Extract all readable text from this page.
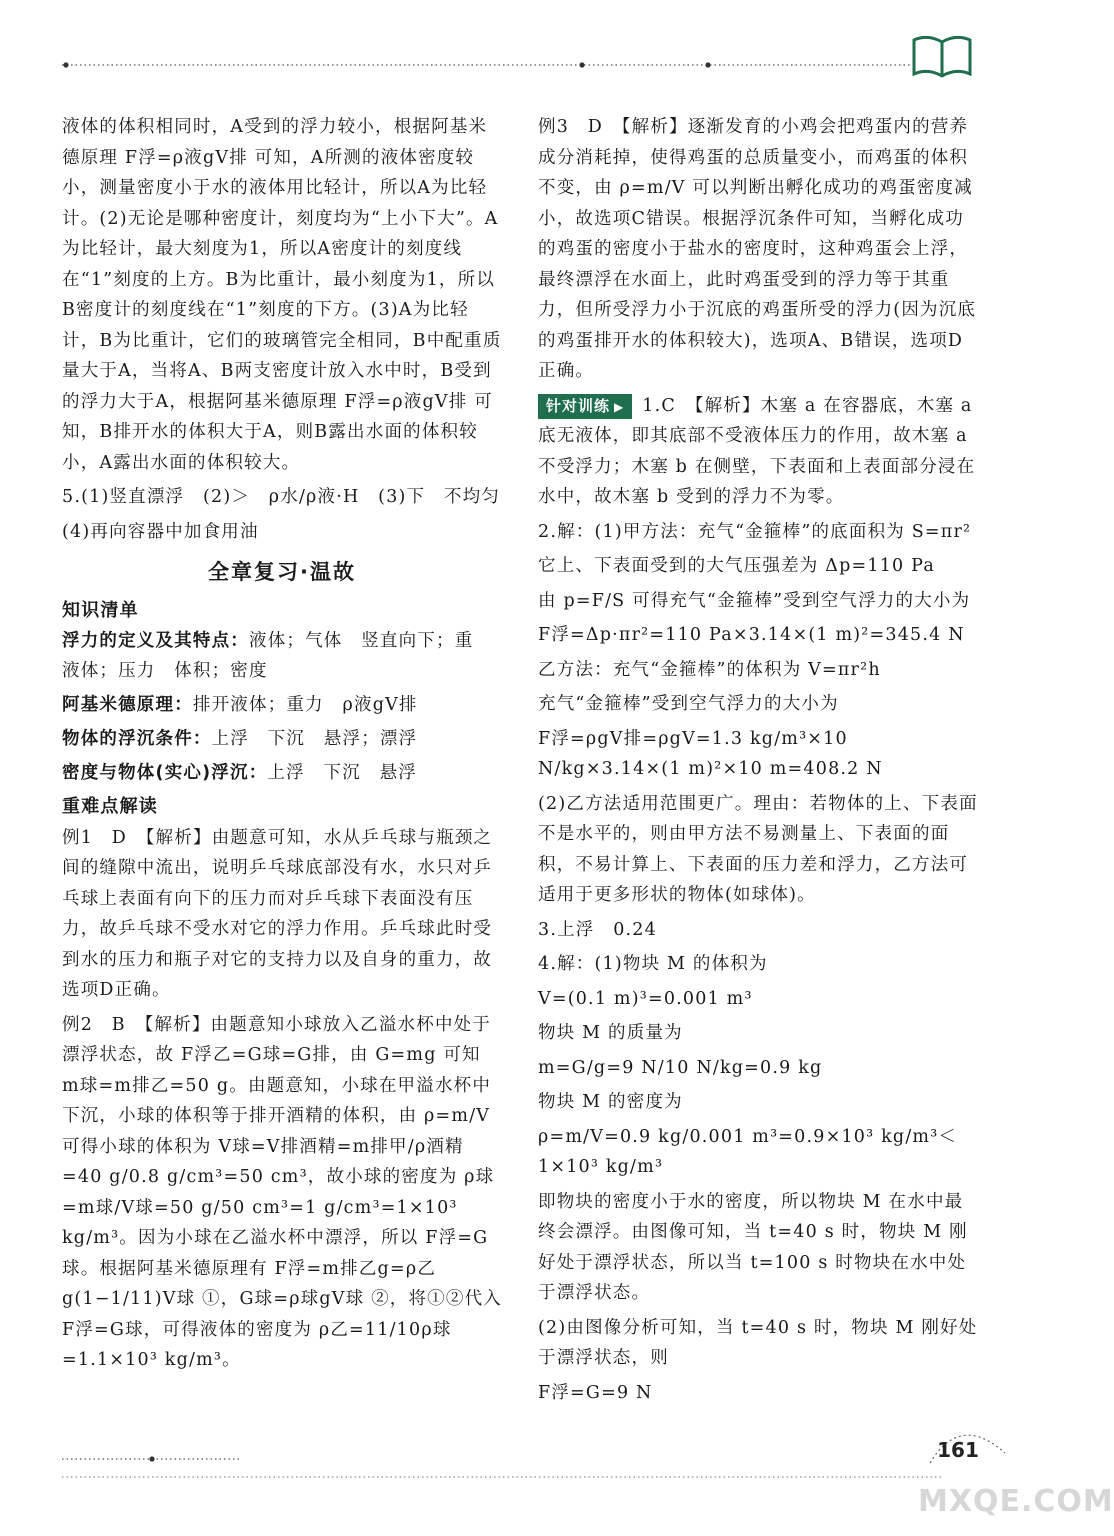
液体的体积相同时，A受到的浮力较小，根据阿基米德原理 F浮=ρ液gV排 可知，A所测的液体密度较小，测量密度小于水的液体用比轻计，所以A为比轻计。(2)无论是哪种密度计，刻度均为“上小下大”。A为比轻计，最大刻度为1，所以A密度计的刻度线在“1”刻度的上方。B为比重计，最小刻度为1，所以B密度计的刻度线在“1”刻度的下方。(3)A为比轻计，B为比重计，它们的玻璃管完全相同，B中配重质量大于A，当将A、B两支密度计放入水中时，B受到的浮力大于A，根据阿基米德原理 F浮=ρ液gV排 可知，B排开水的体积大于A，则B露出水面的体积较小，A露出水面的体积较大。

5.(1)竖直漂浮　(2)＞　ρ水/ρ液·H　(3)下　不均匀

(4)再向容器中加食用油

全章复习·温故
知识清单

浮力的定义及其特点：液体；气体　竖直向下；重　液体；压力　体积；密度

阿基米德原理：排开液体；重力　ρ液gV排

物体的浮沉条件：上浮　下沉　悬浮；漂浮

密度与物体(实心)浮沉：上浮　下沉　悬浮

重难点解读

例1　D　【解析】由题意可知，水从乒乓球与瓶颈之间的缝隙中流出，说明乒乓球底部没有水，水只对乒乓球上表面有向下的压力而对乒乓球下表面没有压力，故乒乓球不受水对它的浮力作用。乒乓球此时受到水的压力和瓶子对它的支持力以及自身的重力，故选项D正确。

例2　B　【解析】由题意知小球放入乙溢水杯中处于漂浮状态，故 F浮乙=G球=G排，由 G=mg 可知 m球=m排乙=50 g。由题意知，小球在甲溢水杯中下沉，小球的体积等于排开酒精的体积，由 ρ=m/V 可得小球的体积为 V球=V排酒精=m排甲/ρ酒精=40 g/0.8 g/cm³=50 cm³，故小球的密度为 ρ球=m球/V球=50 g/50 cm³=1 g/cm³=1×10³ kg/m³。因为小球在乙溢水杯中漂浮，所以 F浮=G球。根据阿基米德原理有 F浮=m排乙g=ρ乙g(1−1/11)V球 ①，G球=ρ球gV球 ②，将①②代入 F浮=G球，可得液体的密度为 ρ乙=11/10ρ球=1.1×10³ kg/m³。

例3　D　【解析】逐渐发育的小鸡会把鸡蛋内的营养成分消耗掉，使得鸡蛋的总质量变小，而鸡蛋的体积不变，由 ρ=m/V 可以判断出孵化成功的鸡蛋密度减小，故选项C错误。根据浮沉条件可知，当孵化成功的鸡蛋的密度小于盐水的密度时，这种鸡蛋会上浮，最终漂浮在水面上，此时鸡蛋受到的浮力等于其重力，但所受浮力小于沉底的鸡蛋所受的浮力(因为沉底的鸡蛋排开水的体积较大)，选项A、B错误，选项D正确。

针对训练 ▶ 1.C　【解析】木塞 a 在容器底，木塞 a 底无液体，即其底部不受液体压力的作用，故木塞 a 不受浮力；木塞 b 在侧壁，下表面和上表面部分浸在水中，故木塞 b 受到的浮力不为零。

2.解：(1)甲方法：充气“金箍棒”的底面积为 S=πr²

它上、下表面受到的大气压强差为 Δp=110 Pa

由 p=F/S 可得充气“金箍棒”受到空气浮力的大小为

F浮=Δp·πr²=110 Pa×3.14×(1 m)²=345.4 N

乙方法：充气“金箍棒”的体积为 V=πr²h

充气“金箍棒”受到空气浮力的大小为

F浮=ρgV排=ρgV=1.3 kg/m³×10 N/kg×3.14×(1 m)²×10 m=408.2 N

(2)乙方法适用范围更广。理由：若物体的上、下表面不是水平的，则由甲方法不易测量上、下表面的面积，不易计算上、下表面的压力差和浮力，乙方法可适用于更多形状的物体(如球体)。

3.上浮　0.24

4.解：(1)物块 M 的体积为

V=(0.1 m)³=0.001 m³

物块 M 的质量为

m=G/g=9 N/10 N/kg=0.9 kg

物块 M 的密度为

ρ=m/V=0.9 kg/0.001 m³=0.9×10³ kg/m³＜1×10³ kg/m³

即物块的密度小于水的密度，所以物块 M 在水中最终会漂浮。由图像可知，当 t=40 s 时，物块 M 刚好处于漂浮状态，所以当 t=100 s 时物块在水中处于漂浮状态。

(2)由图像分析可知，当 t=40 s 时，物块 M 刚好处于漂浮状态，则

F浮=G=9 N

161
MXQE.COM
